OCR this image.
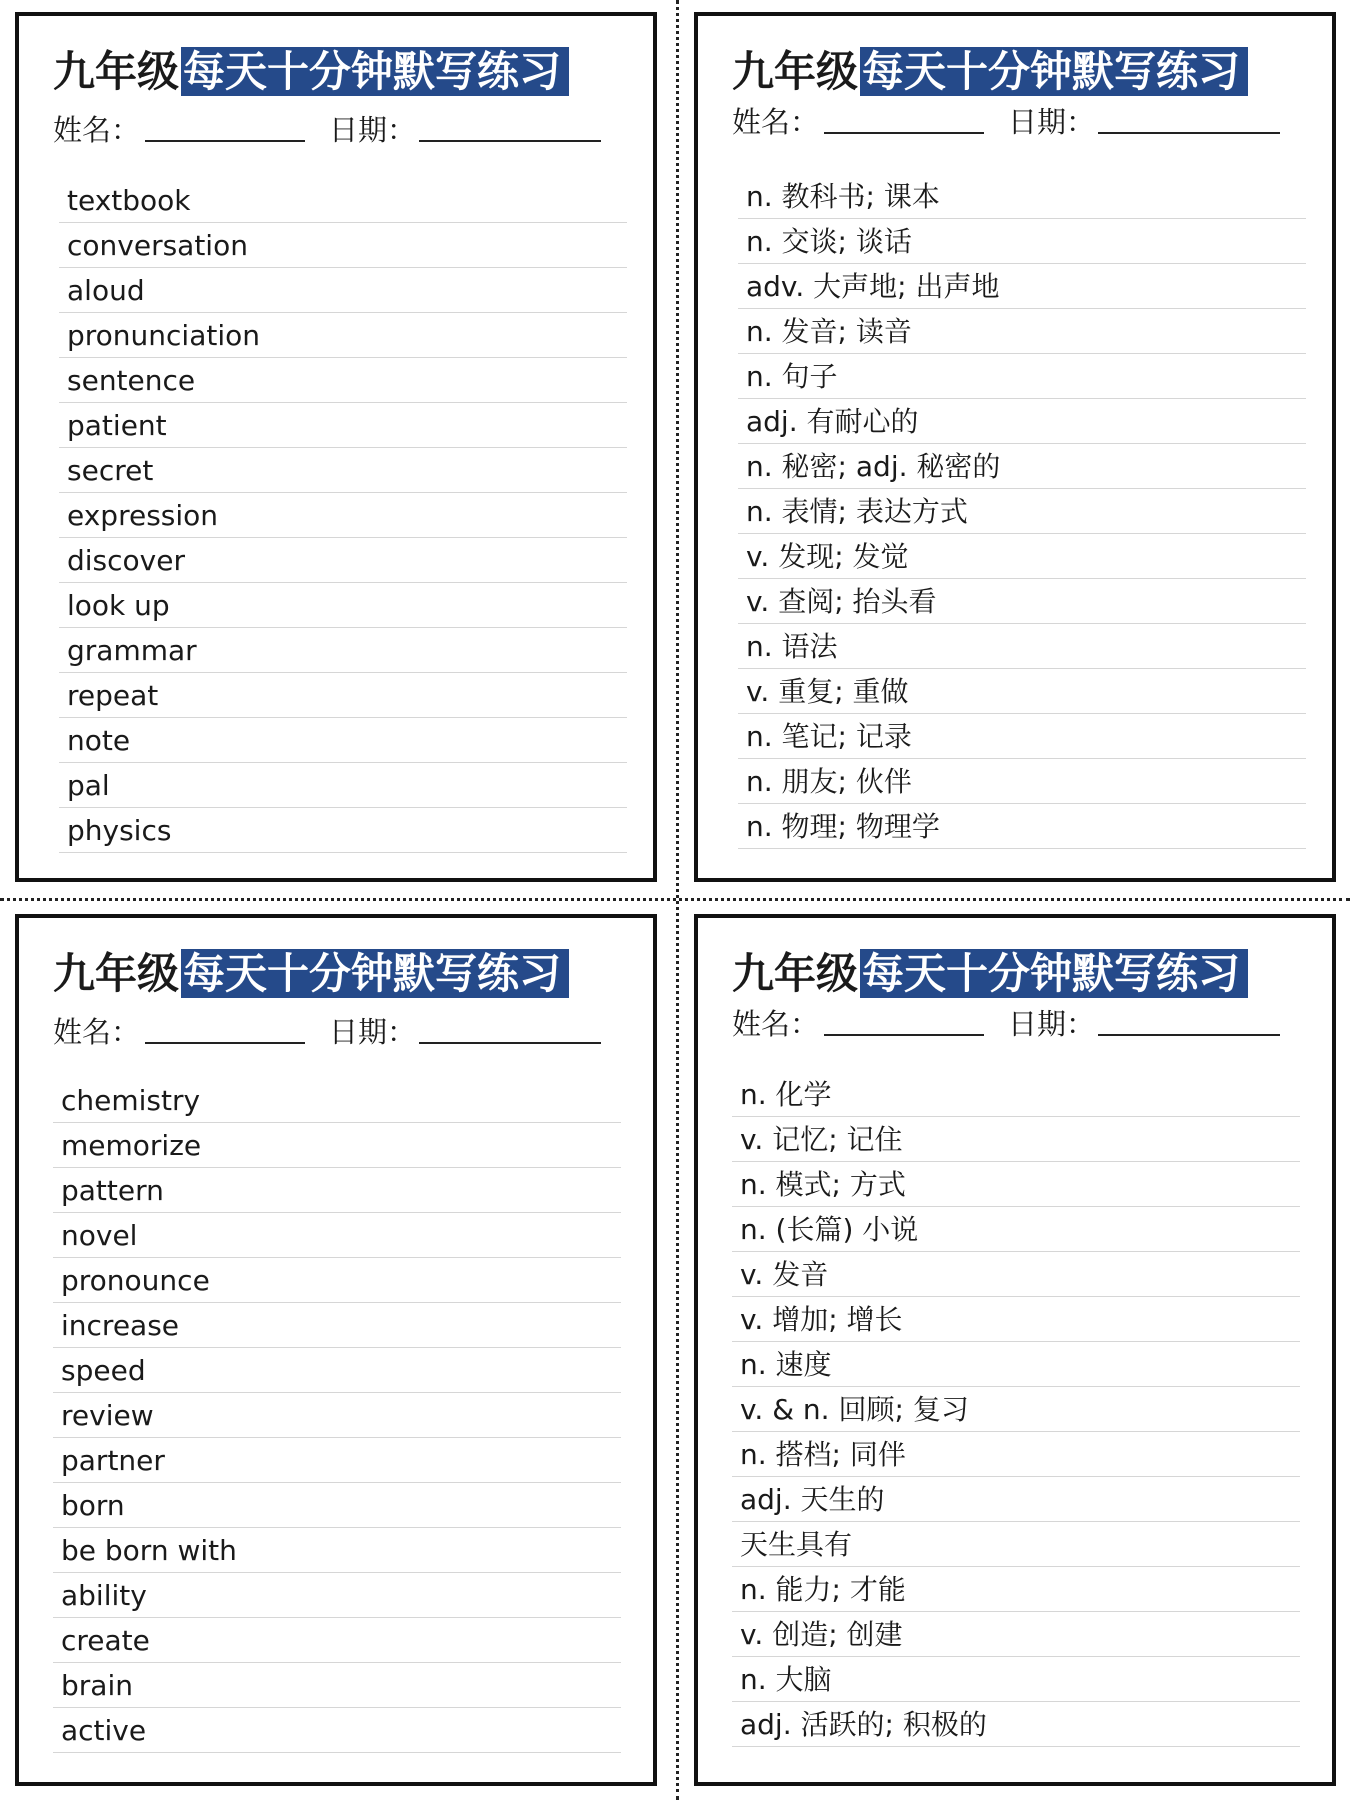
九年级每天十分钟默写练习
姓名：	日期：
textbook
conversation
aloud
pronunciation
sentence
patient
secret
expression
discover
look up
grammar
repeat
note
pal
physics
九年级每天十分钟默写练习
姓名：	日期：
n. 教科书; 课本
n. 交谈; 谈话
adv. 大声地; 出声地
n. 发音; 读音
n. 句子
adj. 有耐心的
n. 秘密; adj. 秘密的
n. 表情; 表达方式
v. 发现; 发觉
v. 查阅; 抬头看
n. 语法
v. 重复; 重做
n. 笔记; 记录
n. 朋友; 伙伴
n. 物理; 物理学
九年级每天十分钟默写练习
姓名：	日期：
chemistry
memorize
pattern
novel
pronounce
increase
speed
review
partner
born
be born with
ability
create
brain
active
九年级每天十分钟默写练习
姓名：	日期：
n. 化学
v. 记忆; 记住
n. 模式; 方式
n. (长篇) 小说
v. 发音
v. 增加; 增长
n. 速度
v. & n. 回顾; 复习
n. 搭档; 同伴
adj. 天生的
天生具有
n. 能力; 才能
v. 创造; 创建
n. 大脑
adj. 活跃的; 积极的
